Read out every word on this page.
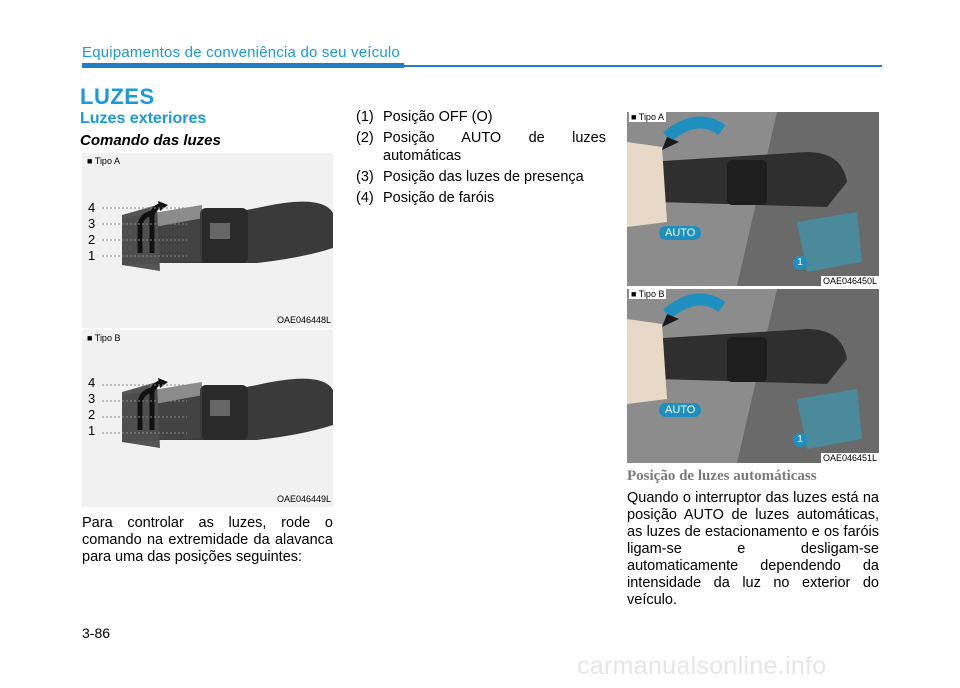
Equipamentos de conveniência do seu veículo
LUZES
Luzes exteriores
Comando das luzes
■ Tipo A
4
3
2
1
OAE046448L
■ Tipo B
4
3
2
1
OAE046449L
Para controlar as luzes, rode o comando na extremidade da alavanca para uma das posições seguintes:
(1) Posição OFF (O)
(2) Posição AUTO de luzes
automáticas
(3) Posição das luzes de presença
(4) Posição de faróis
■ Tipo A
AUTO
1
OAE046450L
■ Tipo B
AUTO
1
OAE046451L
Posição de luzes automáticass
Quando o interruptor das luzes está na posição AUTO de luzes automáticas, as luzes de estacionamento e os faróis ligam-se e desligam-se automaticamente dependendo da intensidade da luz no exterior do veículo.
3-86
carmanualsonline.info
